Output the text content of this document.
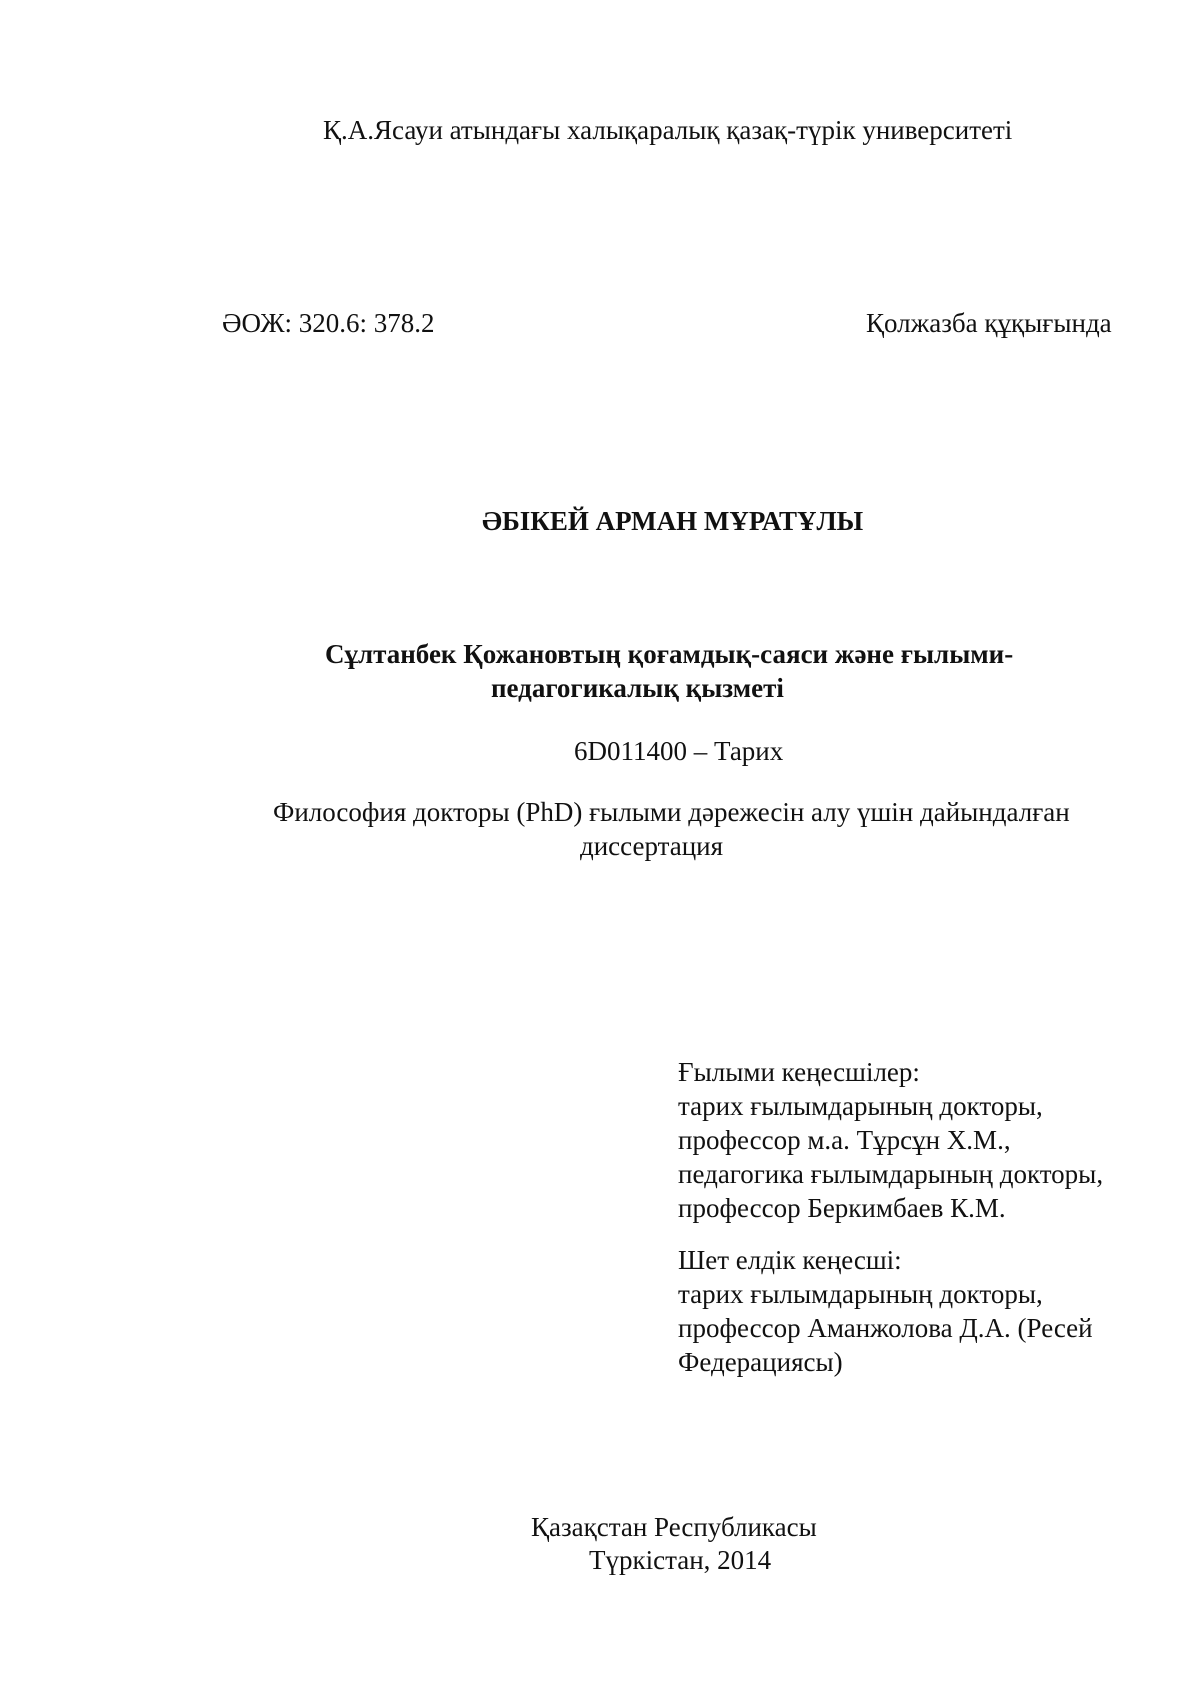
Қ.А.Ясауи атындағы халықаралық қазақ-түрік университеті
ӘОЖ: 320.6: 378.2	Қолжазба құқығында
ӘБІКЕЙ АРМАН МҰРАТҰЛЫ
Сұлтанбек Қожановтың қоғамдық-саяси және ғылыми-
педагогикалық қызметі
6D011400 – Тарих
Философия докторы (PhD) ғылыми дәрежесін алу үшін дайындалған
диссертация
Ғылыми кеңесшілер:
тарих ғылымдарының докторы,
профессор м.а. Тұрсұн Х.М.,
педагогика ғылымдарының докторы,
профессор Беркимбаев К.М.
Шет елдік кеңесші:
тарих ғылымдарының докторы,
профессор Аманжолова Д.А. (Ресей
Федерациясы)
Қазақстан Республикасы
Түркістан, 2014
